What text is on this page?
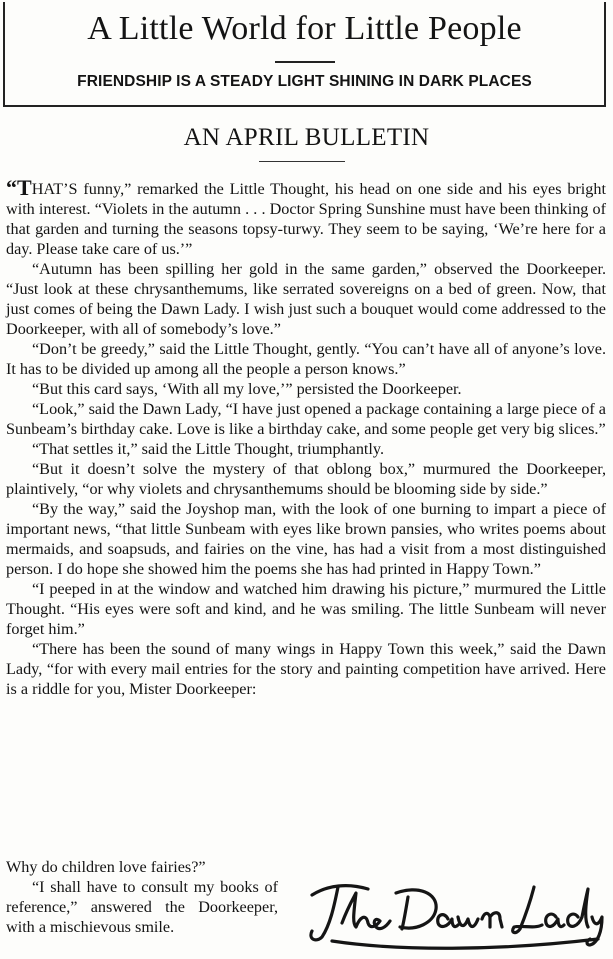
A Little World for Little People
FRIENDSHIP IS A STEADY LIGHT SHINING IN DARK PLACES
AN APRIL BULLETIN

“THAT’S funny,” remarked the Little Thought, his head on one side and his eyes bright with interest. “Violets in the autumn . . . Doctor Spring Sunshine must have been thinking of that garden and turning the seasons topsy-turwy. They seem to be saying, ‘We’re here for a day. Please take care of us.’”

“Autumn has been spilling her gold in the same garden,” observed the Doorkeeper. “Just look at these chrysanthemums, like serrated sovereigns on a bed of green. Now, that just comes of being the Dawn Lady. I wish just such a bouquet would come addressed to the Doorkeeper, with all of somebody’s love.”

“Don’t be greedy,” said the Little Thought, gently. “You can’t have all of anyone’s love. It has to be divided up among all the people a person knows.”

“But this card says, ‘With all my love,’” persisted the Doorkeeper.

“Look,” said the Dawn Lady, “I have just opened a package containing a large piece of a Sunbeam’s birthday cake. Love is like a birthday cake, and some people get very big slices.”

“That settles it,” said the Little Thought, triumphantly.

“But it doesn’t solve the mystery of that oblong box,” murmured the Doorkeeper, plaintively, “or why violets and chrysanthemums should be blooming side by side.”

“By the way,” said the Joyshop man, with the look of one burning to impart a piece of important news, “that little Sunbeam with eyes like brown pansies, who writes poems about mermaids, and soapsuds, and fairies on the vine, has had a visit from a most distinguished person. I do hope she showed him the poems she has had printed in Happy Town.”

“I peeped in at the window and watched him drawing his picture,” murmured the Little Thought. “His eyes were soft and kind, and he was smiling. The little Sunbeam will never forget him.”

“There has been the sound of many wings in Happy Town this week,” said the Dawn Lady, “for with every mail entries for the story and painting competition have arrived. Here is a riddle for you, Mister Doorkeeper:

Why do children love fairies?”

“I shall have to consult my books of reference,” answered the Doorkeeper, with a mischievous smile.
